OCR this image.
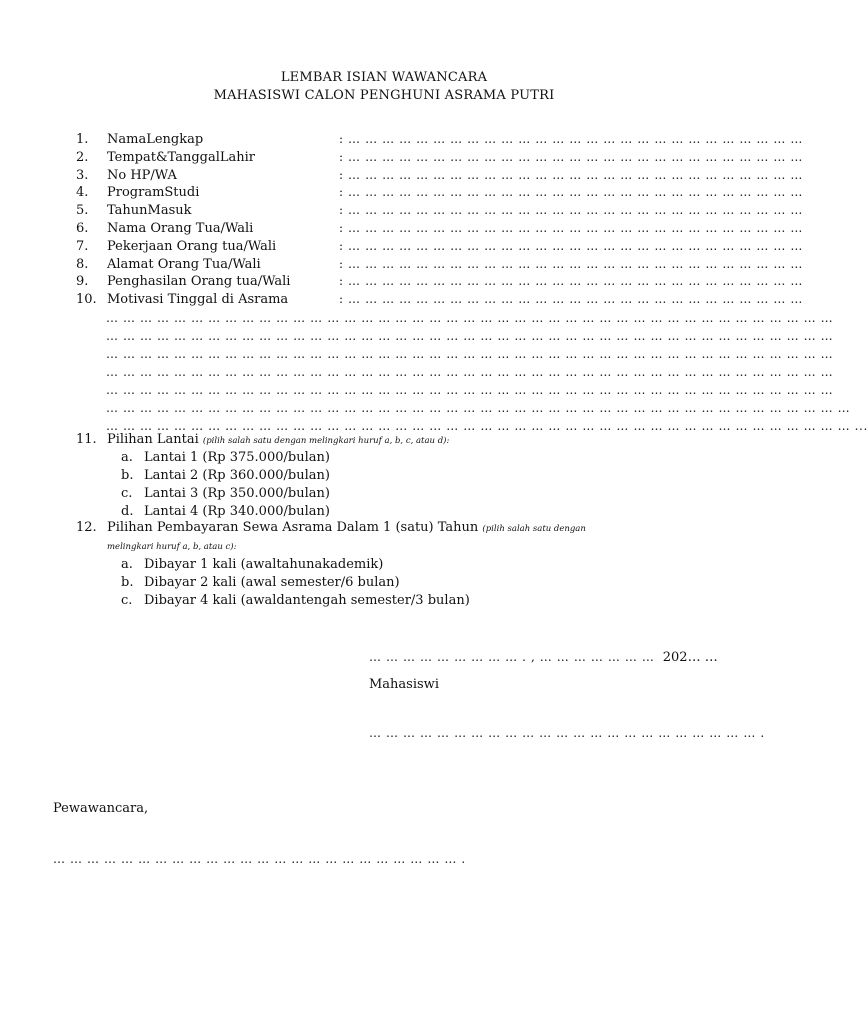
LEMBAR ISIAN WAWANCARA
MAHASISWI CALON PENGHUNI ASRAMA PUTRI
1. NamaLengkap	: … … … … … … … … … … … … … … … … … … … … … … … … … … …
2. Tempat&TanggalLahir	: … … … … … … … … … … … … … … … … … … … … … … … … … … …
3. No HP/WA	: … … … … … … … … … … … … … … … … … … … … … … … … … … …
4. ProgramStudi	: … … … … … … … … … … … … … … … … … … … … … … … … … … …
5. TahunMasuk	: … … … … … … … … … … … … … … … … … … … … … … … … … … …
6. Nama Orang Tua/Wali	: … … … … … … … … … … … … … … … … … … … … … … … … … … …
7. Pekerjaan Orang tua/Wali	: … … … … … … … … … … … … … … … … … … … … … … … … … … …
8. Alamat Orang Tua/Wali	: … … … … … … … … … … … … … … … … … … … … … … … … … … …
9. Penghasilan Orang tua/Wali	: … … … … … … … … … … … … … … … … … … … … … … … … … … …
10. Motivasi Tinggal di Asrama	: … … … … … … … … … … … … … … … … … … … … … … … … … … …
… … … … … … … … … … … … … … … … … … … … … … … … … … … … … … … … … … … … … … … … … … …
… … … … … … … … … … … … … … … … … … … … … … … … … … … … … … … … … … … … … … … … … … …
… … … … … … … … … … … … … … … … … … … … … … … … … … … … … … … … … … … … … … … … … … …
… … … … … … … … … … … … … … … … … … … … … … … … … … … … … … … … … … … … … … … … … … …
… … … … … … … … … … … … … … … … … … … … … … … … … … … … … … … … … … … … … … … … … … …
… … … … … … … … … … … … … … … … … … … … … … … … … … … … … … … … … … … … … … … … … … … …
… … … … … … … … … … … … … … … … … … … … … … … … … … … … … … … … … … … … … … … … … … … … ...
11. Pilihan Lantai (pilih salah satu dengan melingkari huruf a, b, c, atau d):
a. Lantai 1 (Rp 375.000/bulan)
b. Lantai 2 (Rp 360.000/bulan)
c. Lantai 3 (Rp 350.000/bulan)
d. Lantai 4 (Rp 340.000/bulan)
12. Pilihan Pembayaran Sewa Asrama Dalam 1 (satu) Tahun (pilih salah satu dengan
melingkari huruf a, b, atau c):
a. Dibayar 1 kali (awaltahunakademik)
b. Dibayar 2 kali (awal semester/6 bulan)
c. Dibayar 4 kali (awaldantengah semester/3 bulan)
… … … … … … … … … . , … … … … … … … 202… …
Mahasiswi
… … … … … … … … … … … … … … … … … … … … … … … .
Pewawancara,
… … … … … … … … … … … … … … … … … … … … … … … … .
